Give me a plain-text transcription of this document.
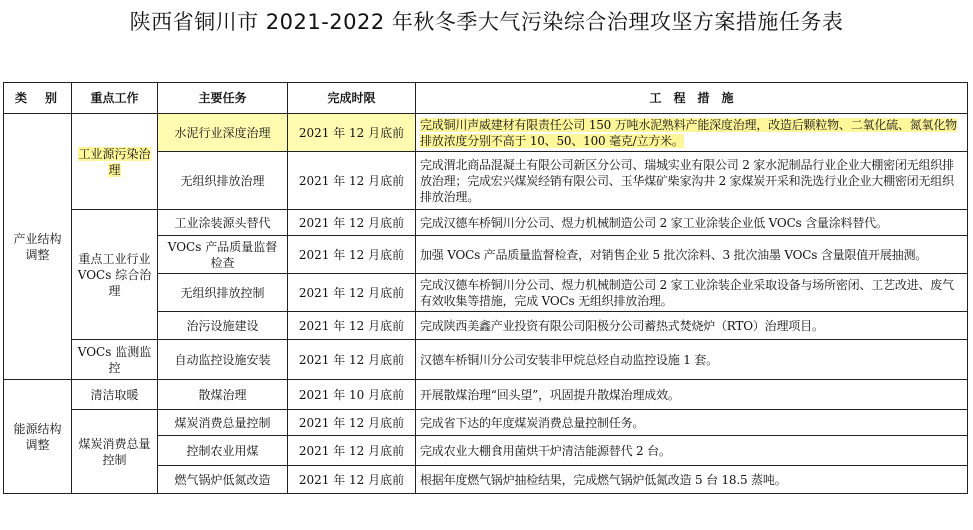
陕西省铜川市 2021-2022 年秋冬季大气污染综合治理攻坚方案措施任务表
类　别	重点工作	主要任务	完成时限	工　程　措　施
产业结构调整	工业源污染治理	水泥行业深度治理	2021 年 12 月底前	完成铜川声威建材有限责任公司 150 万吨水泥熟料产能深度治理，改造后颗粒物、二氧化硫、氮氧化物排放浓度分别不高于 10、50、100 毫克/立方米。
		无组织排放治理	2021 年 12 月底前	完成渭北商品混凝土有限公司新区分公司、瑞城实业有限公司 2 家水泥制品行业企业大棚密闭无组织排放治理；完成宏兴煤炭经销有限公司、玉华煤矿柴家沟井 2 家煤炭开采和洗选行业企业大棚密闭无组织排放治理。
	重点工业行业 VOCs 综合治理	工业涂装源头替代	2021 年 12 月底前	完成汉德车桥铜川分公司、煜力机械制造公司 2 家工业涂装企业低 VOCs 含量涂料替代。
		VOCs 产品质量监督检查	2021 年 12 月底前	加强 VOCs 产品质量监督检查，对销售企业 5 批次涂料、3 批次油墨 VOCs 含量限值开展抽测。
		无组织排放控制	2021 年 12 月底前	完成汉德车桥铜川分公司、煜力机械制造公司 2 家工业涂装企业采取设备与场所密闭、工艺改进、废气有效收集等措施，完成 VOCs 无组织排放治理。
		治污设施建设	2021 年 12 月底前	完成陕西美鑫产业投资有限公司阳极分公司蓄热式焚烧炉（RTO）治理项目。
	VOCs 监测监控	自动监控设施安装	2021 年 12 月底前	汉德车桥铜川分公司安装非甲烷总烃自动监控设施 1 套。
能源结构调整	清洁取暖	散煤治理	2021 年 10 月底前	开展散煤治理“回头望”，巩固提升散煤治理成效。
	煤炭消费总量控制	煤炭消费总量控制	2021 年 12 月底前	完成省下达的年度煤炭消费总量控制任务。
		控制农业用煤	2021 年 12 月底前	完成农业大棚食用菌烘干炉清洁能源替代 2 台。
		燃气锅炉低氮改造	2021 年 12 月底前	根据年度燃气锅炉抽检结果，完成燃气锅炉低氮改造 5 台 18.5 蒸吨。
